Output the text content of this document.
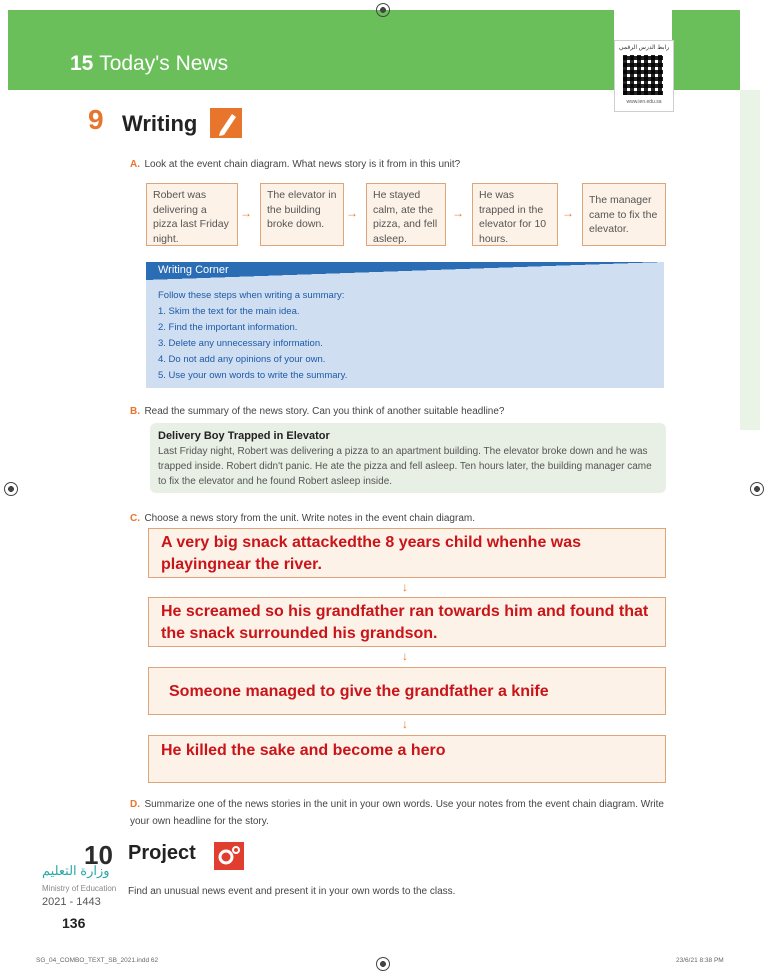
15 Today's News
رابط الدرس الرقمي
www.ien.edu.sa
9 Writing
A. Look at the event chain diagram. What news story is it from in this unit?
Robert was delivering a pizza last Friday night.
→
The elevator in the building broke down.
→
He stayed calm, ate the pizza, and fell asleep.
→
He was trapped in the elevator for 10 hours.
→
The manager came to fix the elevator.
Writing Corner
Follow these steps when writing a summary:
1. Skim the text for the main idea.
2. Find the important information.
3. Delete any unnecessary information.
4. Do not add any opinions of your own.
5. Use your own words to write the summary.
B. Read the summary of the news story. Can you think of another suitable headline?
Delivery Boy Trapped in Elevator
Last Friday night, Robert was delivering a pizza to an apartment building. The elevator broke down and he was trapped inside. Robert didn't panic. He ate the pizza and fell asleep. Ten hours later, the building manager came to fix the elevator and he found Robert asleep inside.
C. Choose a news story from the unit. Write notes in the event chain diagram.
A very big snack attackedthe 8 years child whenhe was playingnear the river.
↓
He screamed so his grandfather ran towards him and found that the snack surrounded his grandson.
↓
Someone managed to give the grandfather a knife
↓
He killed the sake and become a hero
D. Summarize one of the news stories in the unit in your own words. Use your notes from the event chain diagram. Write your own headline for the story.
10 Project
وزارة التعليم
Ministry of Education
2021 - 1443
Find an unusual news event and present it in your own words to the class.
136
SG_04_COMBO_TEXT_SB_2021.indd 62	23/6/21 8:38 PM
